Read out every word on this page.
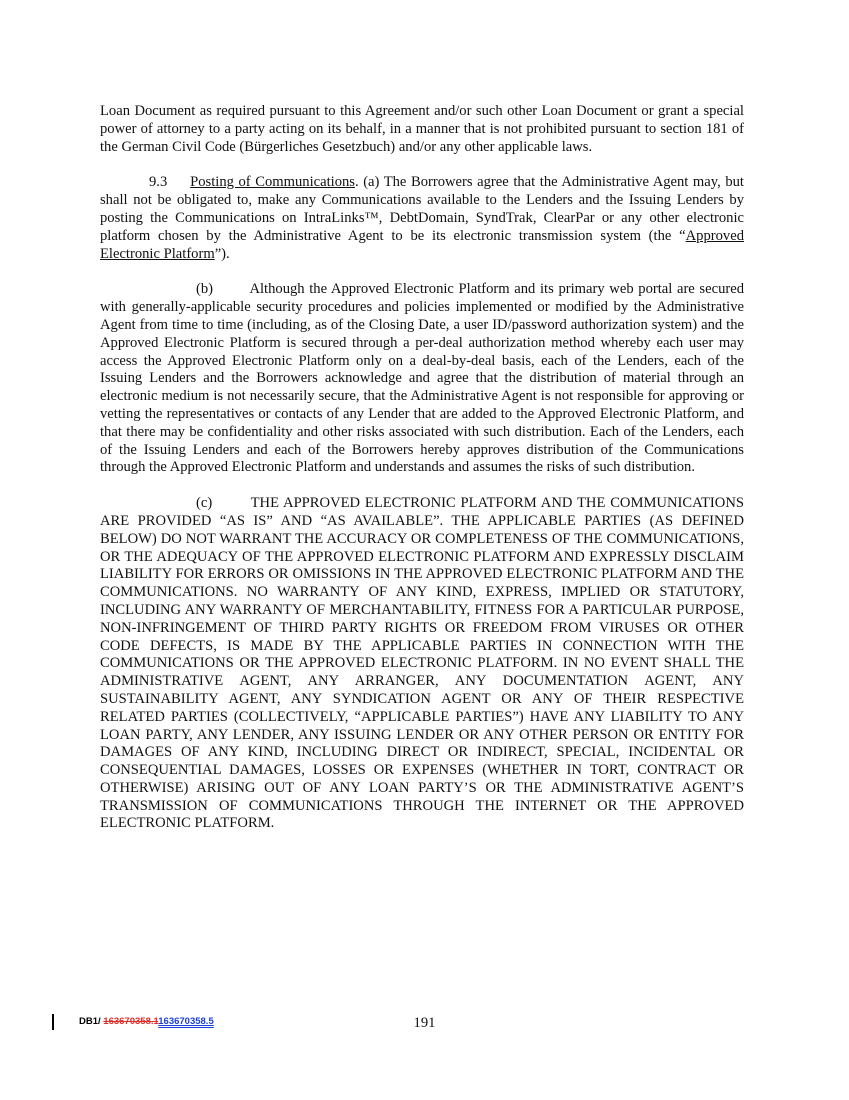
Loan Document as required pursuant to this Agreement and/or such other Loan Document or grant a special power of attorney to a party acting on its behalf, in a manner that is not prohibited pursuant to section 181 of the German Civil Code (Bürgerliches Gesetzbuch) and/or any other applicable laws.

9.3 Posting of Communications. (a) The Borrowers agree that the Administrative Agent may, but shall not be obligated to, make any Communications available to the Lenders and the Issuing Lenders by posting the Communications on IntraLinks™, DebtDomain, SyndTrak, ClearPar or any other electronic platform chosen by the Administrative Agent to be its electronic transmission system (the “Approved Electronic Platform”).

(b)        Although the Approved Electronic Platform and its primary web portal are secured with generally-applicable security procedures and policies implemented or modified by the Administrative Agent from time to time (including, as of the Closing Date, a user ID/password authorization system) and the Approved Electronic Platform is secured through a per-deal authorization method whereby each user may access the Approved Electronic Platform only on a deal-by-deal basis, each of the Lenders, each of the Issuing Lenders and the Borrowers acknowledge and agree that the distribution of material through an electronic medium is not necessarily secure, that the Administrative Agent is not responsible for approving or vetting the representatives or contacts of any Lender that are added to the Approved Electronic Platform, and that there may be confidentiality and other risks associated with such distribution. Each of the Lenders, each of the Issuing Lenders and each of the Borrowers hereby approves distribution of the Communications through the Approved Electronic Platform and understands and assumes the risks of such distribution.

(c)        THE APPROVED ELECTRONIC PLATFORM AND THE COMMUNICATIONS ARE PROVIDED “AS IS” AND “AS AVAILABLE”. THE APPLICABLE PARTIES (AS DEFINED BELOW) DO NOT WARRANT THE ACCURACY OR COMPLETENESS OF THE COMMUNICATIONS, OR THE ADEQUACY OF THE APPROVED ELECTRONIC PLATFORM AND EXPRESSLY DISCLAIM LIABILITY FOR ERRORS OR OMISSIONS IN THE APPROVED ELECTRONIC PLATFORM AND THE COMMUNICATIONS. NO WARRANTY OF ANY KIND, EXPRESS, IMPLIED OR STATUTORY, INCLUDING ANY WARRANTY OF MERCHANTABILITY, FITNESS FOR A PARTICULAR PURPOSE, NON-INFRINGEMENT OF THIRD PARTY RIGHTS OR FREEDOM FROM VIRUSES OR OTHER CODE DEFECTS, IS MADE BY THE APPLICABLE PARTIES IN CONNECTION WITH THE COMMUNICATIONS OR THE APPROVED ELECTRONIC PLATFORM. IN NO EVENT SHALL THE ADMINISTRATIVE AGENT, ANY ARRANGER, ANY DOCUMENTATION AGENT, ANY SUSTAINABILITY AGENT, ANY SYNDICATION AGENT OR ANY OF THEIR RESPECTIVE RELATED PARTIES (COLLECTIVELY, “APPLICABLE PARTIES”) HAVE ANY LIABILITY TO ANY LOAN PARTY, ANY LENDER, ANY ISSUING LENDER OR ANY OTHER PERSON OR ENTITY FOR DAMAGES OF ANY KIND, INCLUDING DIRECT OR INDIRECT, SPECIAL, INCIDENTAL OR CONSEQUENTIAL DAMAGES, LOSSES OR EXPENSES (WHETHER IN TORT, CONTRACT OR OTHERWISE) ARISING OUT OF ANY LOAN PARTY’S OR THE ADMINISTRATIVE AGENT’S TRANSMISSION OF COMMUNICATIONS THROUGH THE INTERNET OR THE APPROVED ELECTRONIC PLATFORM.

DB1/ 163670358.1163670358.5	191
